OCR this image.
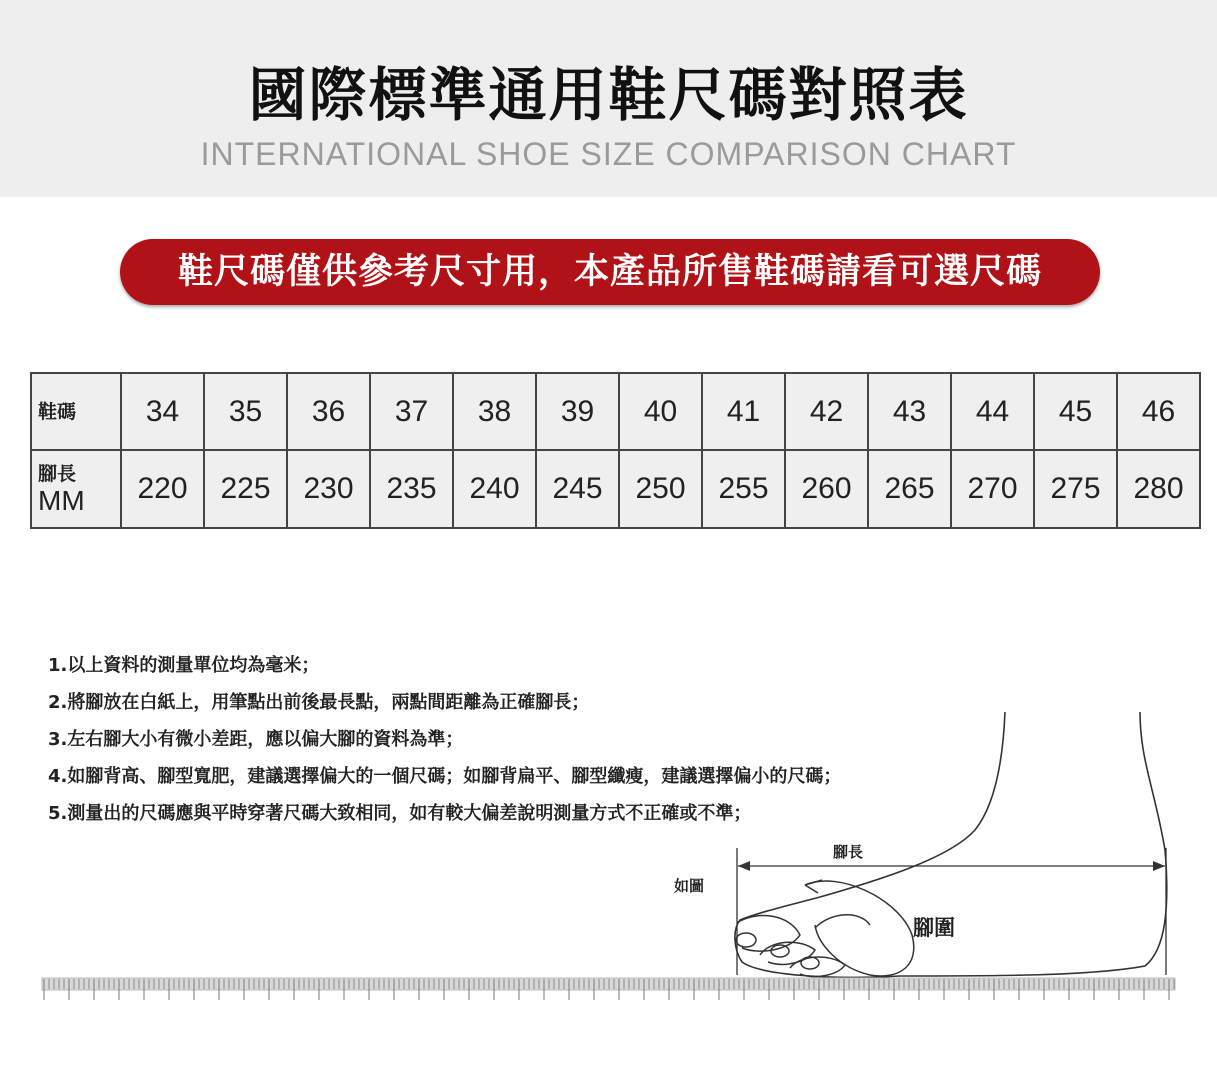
國際標準通用鞋尺碼對照表
INTERNATIONAL SHOE SIZE COMPARISON CHART
鞋尺碼僅供參考尺寸用，本產品所售鞋碼請看可選尺碼
鞋碼	34	35	36	37	38	39	40	41	42	43	44	45	46

腳長
MM	220	225	230	235	240	245	250	255	260	265	270	275	280
1.以上資料的測量單位均為毫米；
2.將腳放在白紙上，用筆點出前後最長點，兩點間距離為正確腳長；
3.左右腳大小有微小差距，應以偏大腳的資料為準；
4.如腳背高、腳型寬肥，建議選擇偏大的一個尺碼；如腳背扁平、腳型纖瘦，建議選擇偏小的尺碼；
5.測量出的尺碼應與平時穿著尺碼大致相同，如有較大偏差說明測量方式不正確或不準；
如圖
腳長
腳圍
